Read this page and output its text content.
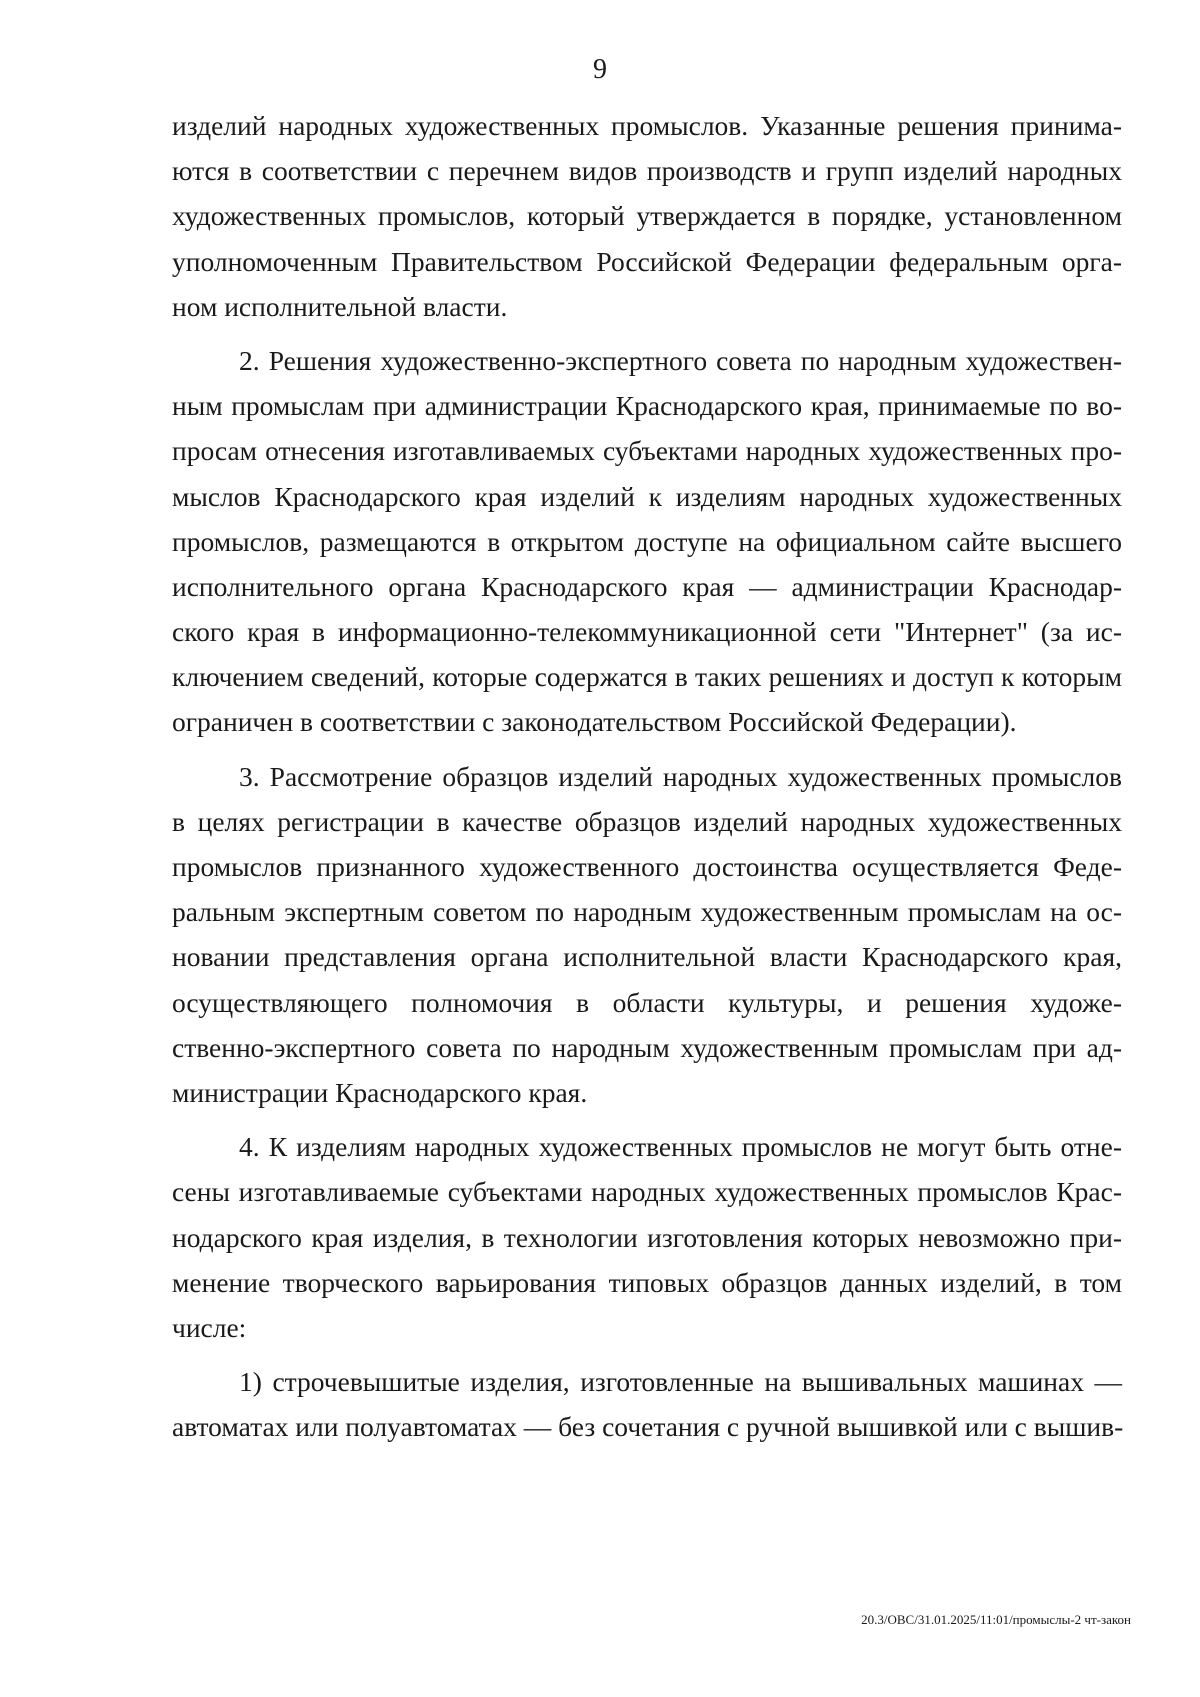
9
изделий народных художественных промыслов. Указанные решения принима-
ются в соответствии с перечнем видов производств и групп изделий народных
художественных промыслов, который утверждается в порядке, установленном
уполномоченным Правительством Российской Федерации федеральным орга-
ном исполнительной власти.
2. Решения художественно-экспертного совета по народным художествен-
ным промыслам при администрации Краснодарского края, принимаемые по во-
просам отнесения изготавливаемых субъектами народных художественных про-
мыслов Краснодарского края изделий к изделиям народных художественных
промыслов, размещаются в открытом доступе на официальном сайте высшего
исполнительного органа Краснодарского края — администрации Краснодар-
ского края в информационно-телекоммуникационной сети "Интернет" (за ис-
ключением сведений, которые содержатся в таких решениях и доступ к которым
ограничен в соответствии с законодательством Российской Федерации).
3. Рассмотрение образцов изделий народных художественных промыслов
в целях регистрации в качестве образцов изделий народных художественных
промыслов признанного художественного достоинства осуществляется Феде-
ральным экспертным советом по народным художественным промыслам на ос-
новании представления органа исполнительной власти Краснодарского края,
осуществляющего полномочия в области культуры, и решения художе-
ственно-экспертного совета по народным художественным промыслам при ад-
министрации Краснодарского края.
4. К изделиям народных художественных промыслов не могут быть отне-
сены изготавливаемые субъектами народных художественных промыслов Крас-
нодарского края изделия, в технологии изготовления которых невозможно при-
менение творческого варьирования типовых образцов данных изделий, в том
числе:
1) строчевышитые изделия, изготовленные на вышивальных машинах —
автоматах или полуавтоматах — без сочетания с ручной вышивкой или с вышив-
20.3/ОВС/31.01.2025/11:01/промыслы-2 чт-закон
